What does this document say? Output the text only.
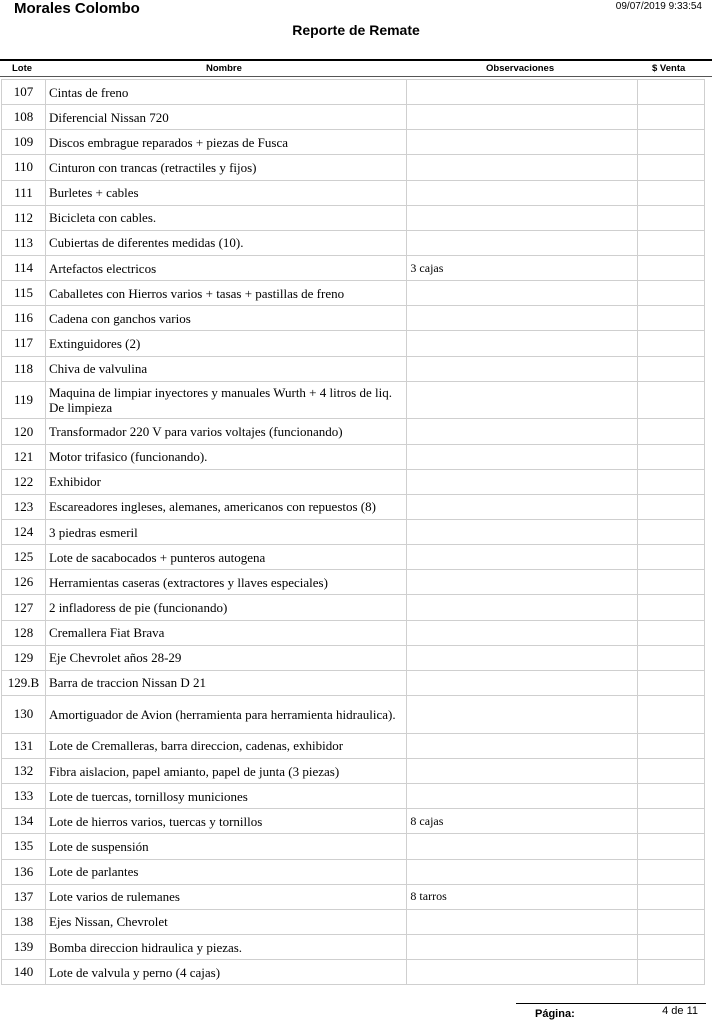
Morales Colombo	09/07/2019 9:33:54
Reporte de Remate
Lote	Nombre	Observaciones	$ Venta
107	Cintas de freno
108	Diferencial Nissan 720
109	Discos embrague reparados + piezas de Fusca
110	Cinturon con trancas (retractiles y fijos)
111	Burletes + cables
112	Bicicleta con cables.
113	Cubiertas de diferentes medidas (10).
114	Artefactos electricos	3 cajas
115	Caballetes con Hierros varios + tasas + pastillas de freno
116	Cadena con ganchos varios
117	Extinguidores (2)
118	Chiva de valvulina
119	Maquina de limpiar inyectores y manuales Wurth + 4 litros de liq. De limpieza
120	Transformador 220 V para varios voltajes (funcionando)
121	Motor trifasico (funcionando).
122	Exhibidor
123	Escareadores ingleses, alemanes, americanos con repuestos (8)
124	3 piedras esmeril
125	Lote de sacabocados + punteros autogena
126	Herramientas caseras (extractores y llaves especiales)
127	2 infladoress de pie (funcionando)
128	Cremallera Fiat Brava
129	Eje Chevrolet años 28-29
129.B Barra de traccion Nissan D 21
130	Amortiguador de Avion (herramienta para herramienta hidraulica).
131	Lote de Cremalleras, barra direccion, cadenas, exhibidor
132	Fibra aislacion, papel amianto, papel de junta (3 piezas)
133	Lote de tuercas, tornillosy municiones
134	Lote de hierros varios, tuercas y tornillos	8 cajas
135	Lote de suspensión
136	Lote de parlantes
137	Lote varios de rulemanes	8 tarros
138	Ejes Nissan, Chevrolet
139	Bomba direccion hidraulica y piezas.
140	Lote de valvula y perno (4 cajas)
Página:	4 de 11
